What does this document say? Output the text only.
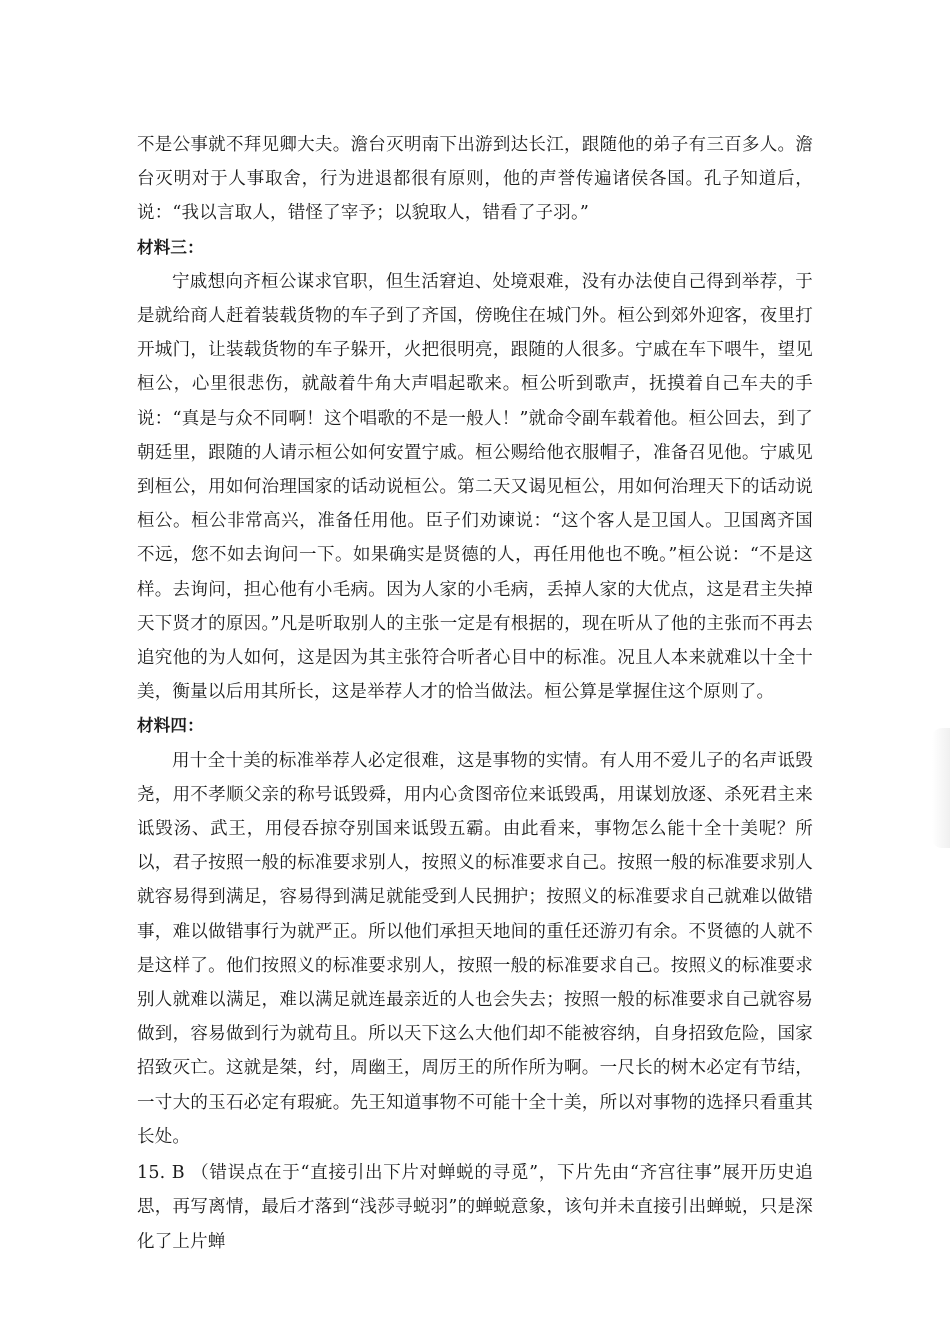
不是公事就不拜见卿大夫。澹台灭明南下出游到达长江，跟随他的弟子有三百多人。澹台灭明对于人事取舍，行为进退都很有原则，他的声誉传遍诸侯各国。孔子知道后，说：“我以言取人，错怪了宰予；以貌取人，错看了子羽。”

材料三：

宁戚想向齐桓公谋求官职，但生活窘迫、处境艰难，没有办法使自己得到举荐，于是就给商人赶着装载货物的车子到了齐国，傍晚住在城门外。桓公到郊外迎客，夜里打开城门，让装载货物的车子躲开，火把很明亮，跟随的人很多。宁戚在车下喂牛，望见桓公，心里很悲伤，就敲着牛角大声唱起歌来。桓公听到歌声，抚摸着自己车夫的手说：“真是与众不同啊！这个唱歌的不是一般人！”就命令副车载着他。桓公回去，到了朝廷里，跟随的人请示桓公如何安置宁戚。桓公赐给他衣服帽子，准备召见他。宁戚见到桓公，用如何治理国家的话动说桓公。第二天又谒见桓公，用如何治理天下的话动说桓公。桓公非常高兴，准备任用他。臣子们劝谏说：“这个客人是卫国人。卫国离齐国不远，您不如去询问一下。如果确实是贤德的人，再任用他也不晚。”桓公说：“不是这样。去询问，担心他有小毛病。因为人家的小毛病，丢掉人家的大优点，这是君主失掉天下贤才的原因。”凡是听取别人的主张一定是有根据的，现在听从了他的主张而不再去追究他的为人如何，这是因为其主张符合听者心目中的标准。况且人本来就难以十全十美，衡量以后用其所长，这是举荐人才的恰当做法。桓公算是掌握住这个原则了。

材料四：

用十全十美的标准举荐人必定很难，这是事物的实情。有人用不爱儿子的名声诋毁尧，用不孝顺父亲的称号诋毁舜，用内心贪图帝位来诋毁禹，用谋划放逐、杀死君主来诋毁汤、武王，用侵吞掠夺别国来诋毁五霸。由此看来，事物怎么能十全十美呢？所以，君子按照一般的标准要求别人，按照义的标准要求自己。按照一般的标准要求别人就容易得到满足，容易得到满足就能受到人民拥护；按照义的标准要求自己就难以做错事，难以做错事行为就严正。所以他们承担天地间的重任还游刃有余。不贤德的人就不是这样了。他们按照义的标准要求别人，按照一般的标准要求自己。按照义的标准要求别人就难以满足，难以满足就连最亲近的人也会失去；按照一般的标准要求自己就容易做到，容易做到行为就苟且。所以天下这么大他们却不能被容纳，自身招致危险，国家招致灭亡。这就是桀，纣，周幽王，周厉王的所作所为啊。一尺长的树木必定有节结，一寸大的玉石必定有瑕疵。先王知道事物不可能十全十美，所以对事物的选择只看重其长处。

15. B （错误点在于“直接引出下片对蝉蜕的寻觅”，下片先由“齐宫往事”展开历史追思，再写离情，最后才落到“浅莎寻蜕羽”的蝉蜕意象，该句并未直接引出蝉蜕，只是深化了上片蝉
